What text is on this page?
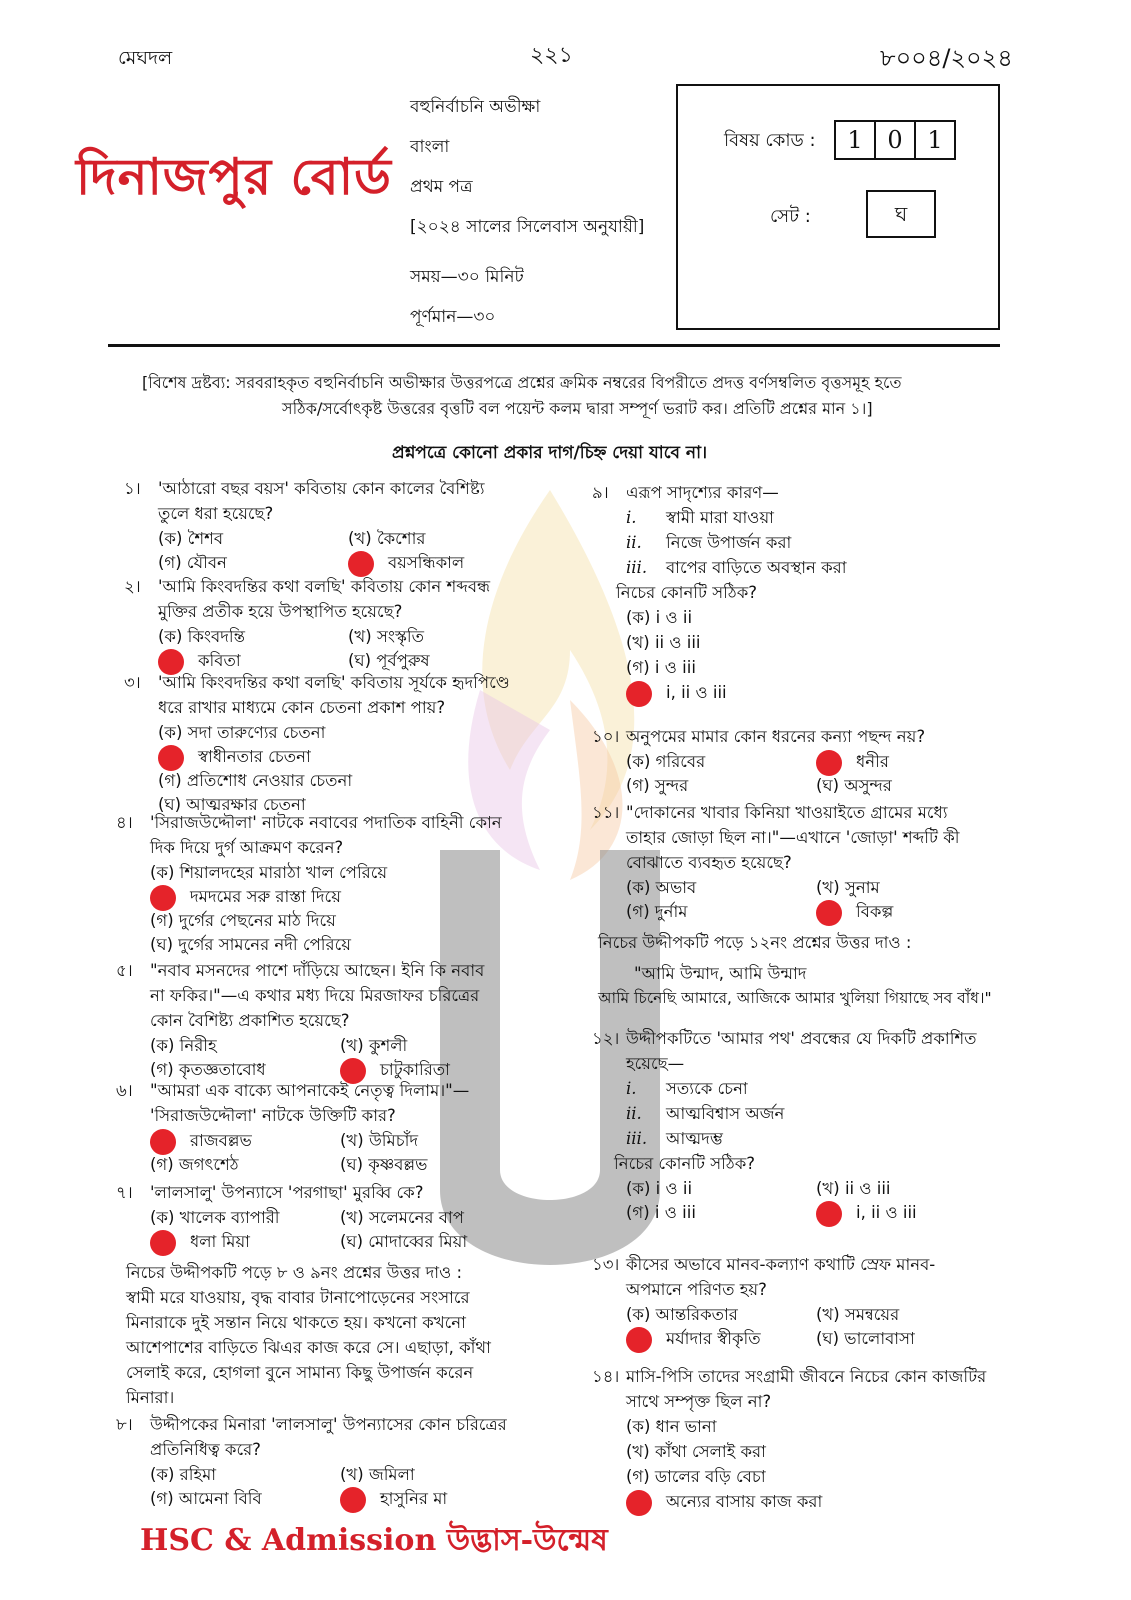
মেঘদল	২২১	৮০০৪/২০২৪
দিনাজপুর বোর্ড
বহুনির্বাচনি অভীক্ষা
বাংলা
প্রথম পত্র
[২০২৪ সালের সিলেবাস অনুযায়ী]
সময়—৩০ মিনিট
পূর্ণমান—৩০
বিষয় কোড :	1 0 1
সেট :	ঘ
[বিশেষ দ্রষ্টব্য: সরবরাহকৃত বহুনির্বাচনি অভীক্ষার উত্তরপত্রে প্রশ্নের ক্রমিক নম্বরের বিপরীতে প্রদত্ত বর্ণসম্বলিত বৃত্তসমূহ হতে
সঠিক/সর্বোৎকৃষ্ট উত্তরের বৃত্তটি বল পয়েন্ট কলম দ্বারা সম্পূর্ণ ভরাট কর। প্রতিটি প্রশ্নের মান ১।]
প্রশ্নপত্রে কোনো প্রকার দাগ/চিহ্ন দেয়া যাবে না।
১। 'আঠারো বছর বয়স' কবিতায় কোন কালের বৈশিষ্ট্য
তুলে ধরা হয়েছে?
(ক) শৈশব	(খ) কৈশোর
(গ) যৌবন	বয়সন্ধিকাল
২। 'আমি কিংবদন্তির কথা বলছি' কবিতায় কোন শব্দবন্ধ
মুক্তির প্রতীক হয়ে উপস্থাপিত হয়েছে?
(ক) কিংবদন্তি	(খ) সংস্কৃতি
কবিতা	(ঘ) পূর্বপুরুষ
৩। 'আমি কিংবদন্তির কথা বলছি' কবিতায় সূর্যকে হৃদপিণ্ডে
ধরে রাখার মাধ্যমে কোন চেতনা প্রকাশ পায়?
(ক) সদা তারুণ্যের চেতনা
স্বাধীনতার চেতনা
(গ) প্রতিশোধ নেওয়ার চেতনা
(ঘ) আত্মরক্ষার চেতনা
৪। 'সিরাজউদ্দৌলা' নাটকে নবাবের পদাতিক বাহিনী কোন
দিক দিয়ে দুর্গ আক্রমণ করেন?
(ক) শিয়ালদহের মারাঠা খাল পেরিয়ে
দমদমের সরু রাস্তা দিয়ে
(গ) দুর্গের পেছনের মাঠ দিয়ে
(ঘ) দুর্গের সামনের নদী পেরিয়ে
৫। "নবাব মসনদের পাশে দাঁড়িয়ে আছেন। ইনি কি নবাব
না ফকির।"—এ কথার মধ্য দিয়ে মিরজাফর চরিত্রের
কোন বৈশিষ্ট্য প্রকাশিত হয়েছে?
(ক) নিরীহ	(খ) কুশলী
(গ) কৃতজ্ঞতাবোধ	চাটুকারিতা
৬। "আমরা এক বাক্যে আপনাকেই নেতৃত্ব দিলাম।"—
'সিরাজউদ্দৌলা' নাটকে উক্তিটি কার?
রাজবল্লভ	(খ) উমিচাঁদ
(গ) জগৎশেঠ	(ঘ) কৃষ্ণবল্লভ
৭। 'লালসালু' উপন্যাসে 'পরগাছা' মুরব্বি কে?
(ক) খালেক ব্যাপারী	(খ) সলেমনের বাপ
ধলা মিয়া	(ঘ) মোদাব্বের মিয়া
নিচের উদ্দীপকটি পড়ে ৮ ও ৯নং প্রশ্নের উত্তর দাও :
স্বামী মরে যাওয়ায়, বৃদ্ধ বাবার টানাপোড়েনের সংসারে
মিনারাকে দুই সন্তান নিয়ে থাকতে হয়। কখনো কখনো
আশেপাশের বাড়িতে ঝিএর কাজ করে সে। এছাড়া, কাঁথা
সেলাই করে, হোগলা বুনে সামান্য কিছু উপার্জন করেন
মিনারা।
৮। উদ্দীপকের মিনারা 'লালসালু' উপন্যাসের কোন চরিত্রের
প্রতিনিধিত্ব করে?
(ক) রহিমা	(খ) জমিলা
(গ) আমেনা বিবি	হাসুনির মা
৯। এরূপ সাদৃশ্যের কারণ—
i. স্বামী মারা যাওয়া
ii. নিজে উপার্জন করা
iii. বাপের বাড়িতে অবস্থান করা
নিচের কোনটি সঠিক?
(ক) i ও ii
(খ) ii ও iii
(গ) i ও iii
i, ii ও iii
১০। অনুপমের মামার কোন ধরনের কন্যা পছন্দ নয়?
(ক) গরিবের	ধনীর
(গ) সুন্দর	(ঘ) অসুন্দর
১১। "দোকানের খাবার কিনিয়া খাওয়াইতে গ্রামের মধ্যে
তাহার জোড়া ছিল না।"—এখানে 'জোড়া' শব্দটি কী
বোঝাতে ব্যবহৃত হয়েছে?
(ক) অভাব	(খ) সুনাম
(গ) দুর্নাম	বিকল্প
নিচের উদ্দীপকটি পড়ে ১২নং প্রশ্নের উত্তর দাও :
"আমি উন্মাদ, আমি উন্মাদ
আমি চিনেছি আমারে, আজিকে আমার খুলিয়া গিয়াছে সব বাঁধ।"
১২। উদ্দীপকটিতে 'আমার পথ' প্রবন্ধের যে দিকটি প্রকাশিত
হয়েছে—
i. সত্যকে চেনা
ii. আত্মবিশ্বাস অর্জন
iii. আত্মদম্ভ
নিচের কোনটি সঠিক?
(ক) i ও ii	(খ) ii ও iii
(গ) i ও iii	i, ii ও iii
১৩। কীসের অভাবে মানব-কল্যাণ কথাটি স্রেফ মানব-
অপমানে পরিণত হয়?
(ক) আন্তরিকতার	(খ) সমন্বয়ের
মর্যাদার স্বীকৃতি	(ঘ) ভালোবাসা
১৪। মাসি-পিসি তাদের সংগ্রামী জীবনে নিচের কোন কাজটির
সাথে সম্পৃক্ত ছিল না?
(ক) ধান ভানা
(খ) কাঁথা সেলাই করা
(গ) ডালের বড়ি বেচা
অন্যের বাসায় কাজ করা
HSC & Admission উদ্ভাস-উন্মেষ
